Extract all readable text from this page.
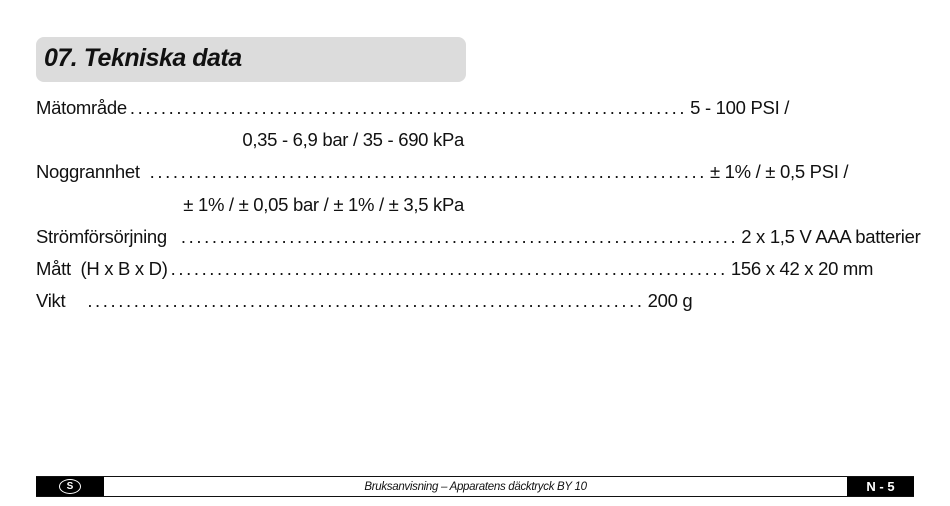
07. Tekniska data
Mätområde ........................................................................ 5 - 100 PSI /
0,35 - 6,9 bar / 35 - 690 kPa
Noggrannhet ........................................................................ ± 1% / ± 0,5 PSI /
± 1% / ± 0,05 bar / ± 1% / ± 3,5 kPa
Strömförsörjning ........................................................................ 2 x 1,5 V AAA batterier
Mått  (H x B x D) ........................................................................ 156 x 42 x 20 mm
Vikt ........................................................................ 200 g
S	Bruksanvisning – Apparatens däcktryck BY 10	N - 5
